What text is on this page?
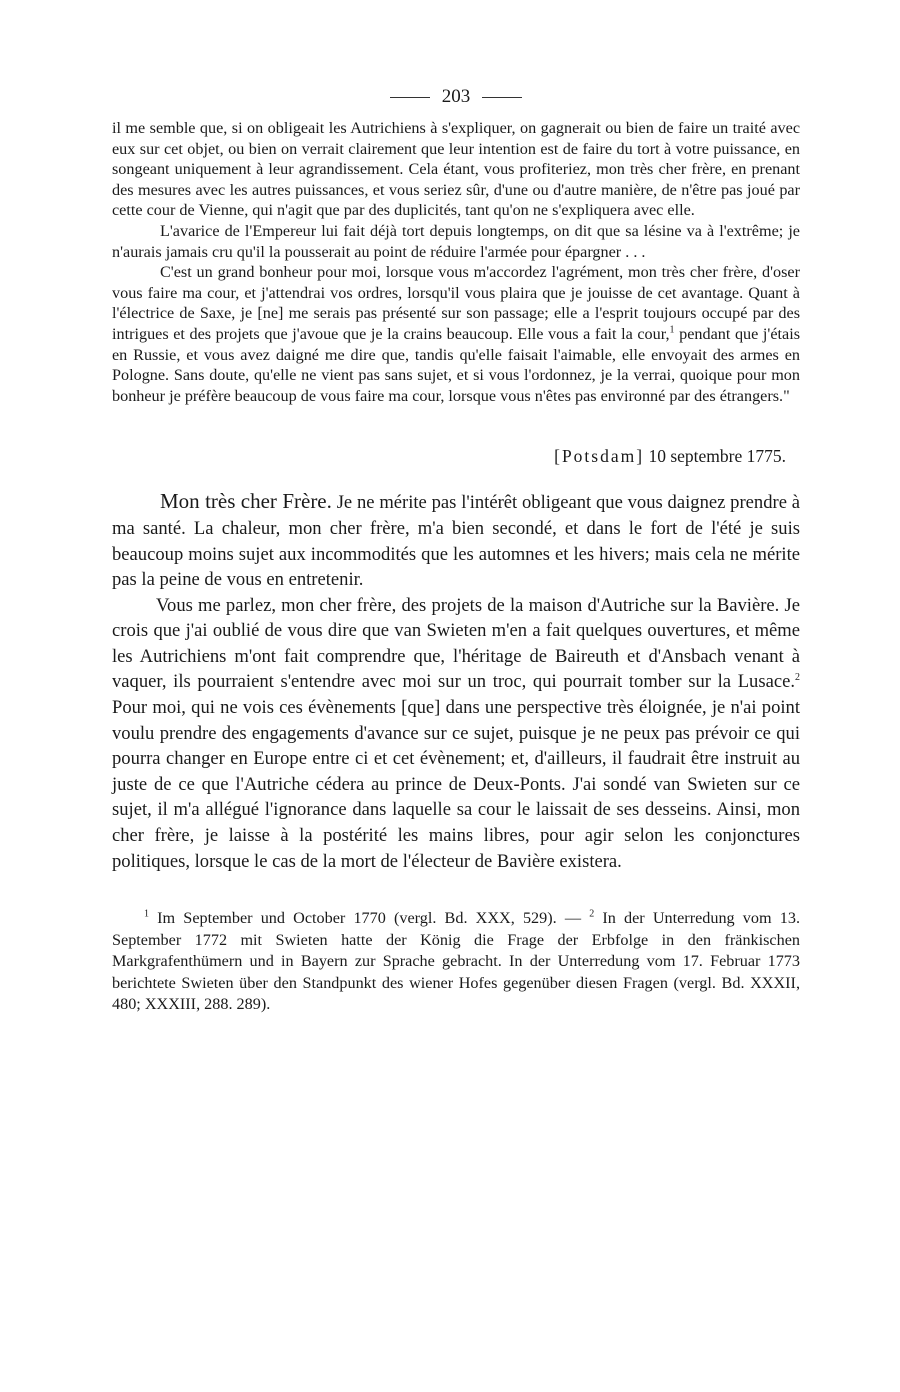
203

il me semble que, si on obligeait les Autrichiens à s'expliquer, on gagnerait ou bien de faire un traité avec eux sur cet objet, ou bien on verrait clairement que leur intention est de faire du tort à votre puissance, en songeant uniquement à leur agrandissement. Cela étant, vous profiteriez, mon très cher frère, en prenant des mesures avec les autres puissances, et vous seriez sûr, d'une ou d'autre manière, de n'être pas joué par cette cour de Vienne, qui n'agit que par des duplicités, tant qu'on ne s'expliquera avec elle.

L'avarice de l'Empereur lui fait déjà tort depuis longtemps, on dit que sa lésine va à l'extrême; je n'aurais jamais cru qu'il la pousserait au point de réduire l'armée pour épargner . . .

C'est un grand bonheur pour moi, lorsque vous m'accordez l'agrément, mon très cher frère, d'oser vous faire ma cour, et j'attendrai vos ordres, lorsqu'il vous plaira que je jouisse de cet avantage. Quant à l'électrice de Saxe, je [ne] me serais pas présenté sur son passage; elle a l'esprit toujours occupé par des intrigues et des projets que j'avoue que je la crains beaucoup. Elle vous a fait la cour,$^1$ pendant que j'étais en Russie, et vous avez daigné me dire que, tandis qu'elle faisait l'aimable, elle envoyait des armes en Pologne. Sans doute, qu'elle ne vient pas sans sujet, et si vous l'ordonnez, je la verrai, quoique pour mon bonheur je préfère beaucoup de vous faire ma cour, lorsque vous n'êtes pas environné par des étrangers."

[Potsdam] 10 septembre 1775.

Mon très cher Frère. Je ne mérite pas l'intérêt obligeant que vous daignez prendre à ma santé. La chaleur, mon cher frère, m'a bien secondé, et dans le fort de l'été je suis beaucoup moins sujet aux incommodités que les automnes et les hivers; mais cela ne mérite pas la peine de vous en entretenir.

Vous me parlez, mon cher frère, des projets de la maison d'Autriche sur la Bavière. Je crois que j'ai oublié de vous dire que van Swieten m'en a fait quelques ouvertures, et même les Autrichiens m'ont fait comprendre que, l'héritage de Baireuth et d'Ansbach venant à vaquer, ils pourraient s'entendre avec moi sur un troc, qui pourrait tomber sur la Lusace.$^2$ Pour moi, qui ne vois ces évènements [que] dans une perspective très éloignée, je n'ai point voulu prendre des engagements d'avance sur ce sujet, puisque je ne peux pas prévoir ce qui pourra changer en Europe entre ci et cet évènement; et, d'ailleurs, il faudrait être instruit au juste de ce que l'Autriche cédera au prince de Deux-Ponts. J'ai sondé van Swieten sur ce sujet, il m'a allégué l'ignorance dans laquelle sa cour le laissait de ses desseins. Ainsi, mon cher frère, je laisse à la postérité les mains libres, pour agir selon les conjonctures politiques, lorsque le cas de la mort de l'électeur de Bavière existera.

$^1$ Im September und October 1770 (vergl. Bd. XXX, 529). — $^2$ In der Unterredung vom 13. September 1772 mit Swieten hatte der König die Frage der Erbfolge in den fränkischen Markgrafenthümern und in Bayern zur Sprache gebracht. In der Unterredung vom 17. Februar 1773 berichtete Swieten über den Standpunkt des wiener Hofes gegenüber diesen Fragen (vergl. Bd. XXXII, 480; XXXIII, 288. 289).
